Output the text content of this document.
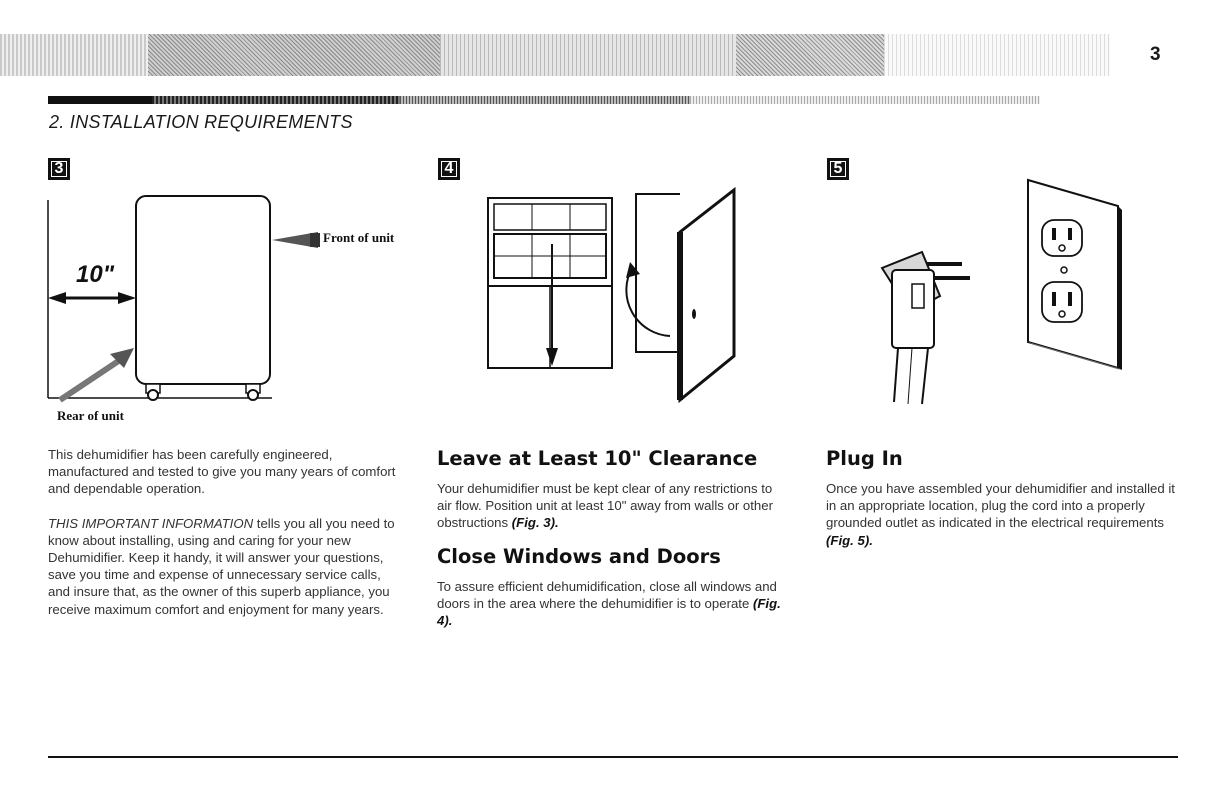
3
2. INSTALLATION REQUIREMENTS
3	4	5
10"
Front of unit
Rear of unit

This dehumidifier has been carefully engineered, manufactured and tested to give you many years of comfort and dependable operation.

THIS IMPORTANT INFORMATION tells you all you need to know about installing, using and caring for your new Dehumidifier. Keep it handy, it will answer your questions, save you time and expense of unnecessary service calls, and insure that, as the owner of this superb appliance, you receive maximum comfort and enjoyment for many years.

Leave at Least 10" Clearance

Your dehumidifier must be kept clear of any restrictions to air flow. Position unit at least 10" away from walls or other obstructions (Fig. 3).

Close Windows and Doors

To assure efficient dehumidification, close all windows and doors in the area where the dehumidifier is to operate (Fig. 4).

Plug In

Once you have assembled your dehumidifier and installed it in an appropriate location, plug the cord into a properly grounded outlet as indicated in the electrical requirements (Fig. 5).
